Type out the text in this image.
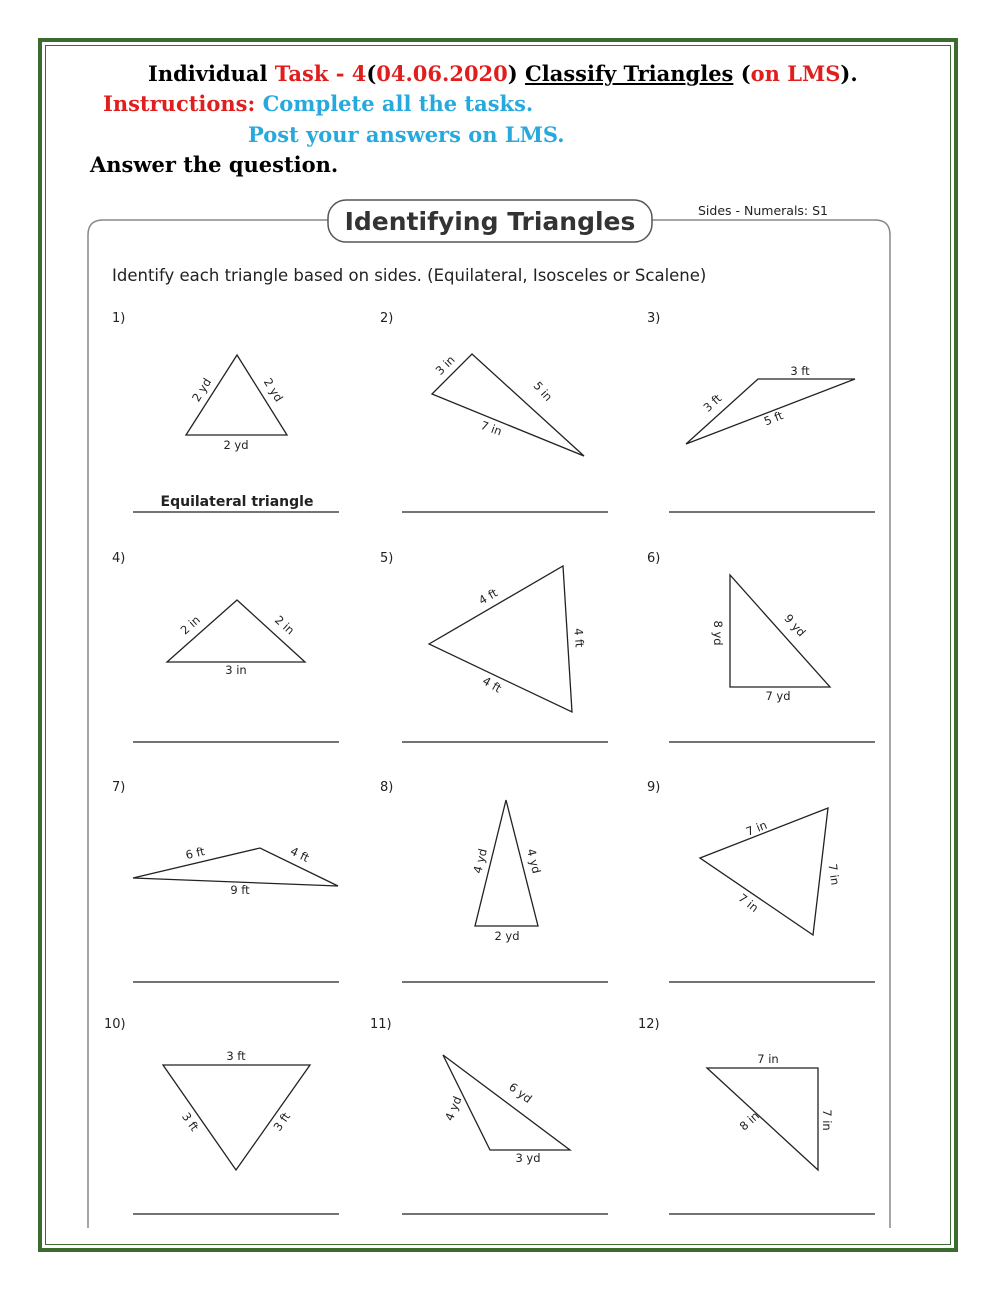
Individual Task - 4(04.06.2020) Classify Triangles (on LMS).
Instructions: Complete all the tasks.
Post your answers on LMS.
Answer the question.
Identifying Triangles	Sides - Numerals: S1
Identify each triangle based on sides. (Equilateral, Isosceles or Scalene)
1)	2)	3)
4)	5)	6)
7)	8)	9)
10)	11)	12)
2 yd	2 yd
2 yd
3 in
5 in
7 in
3 ft
3 ft
5 ft
2 in	2 in
3 in
4 ft
4 ft
4 ft	8 yd	9 yd
7 yd
6 ft	4 ft
9 ft
4 yd	4 yd
2 yd
7 in
7 in
7 in
3 ft
3 ft	3 ft	4 yd
6 yd
3 yd
7 in
8 in	7 in
Equilateral triangle
